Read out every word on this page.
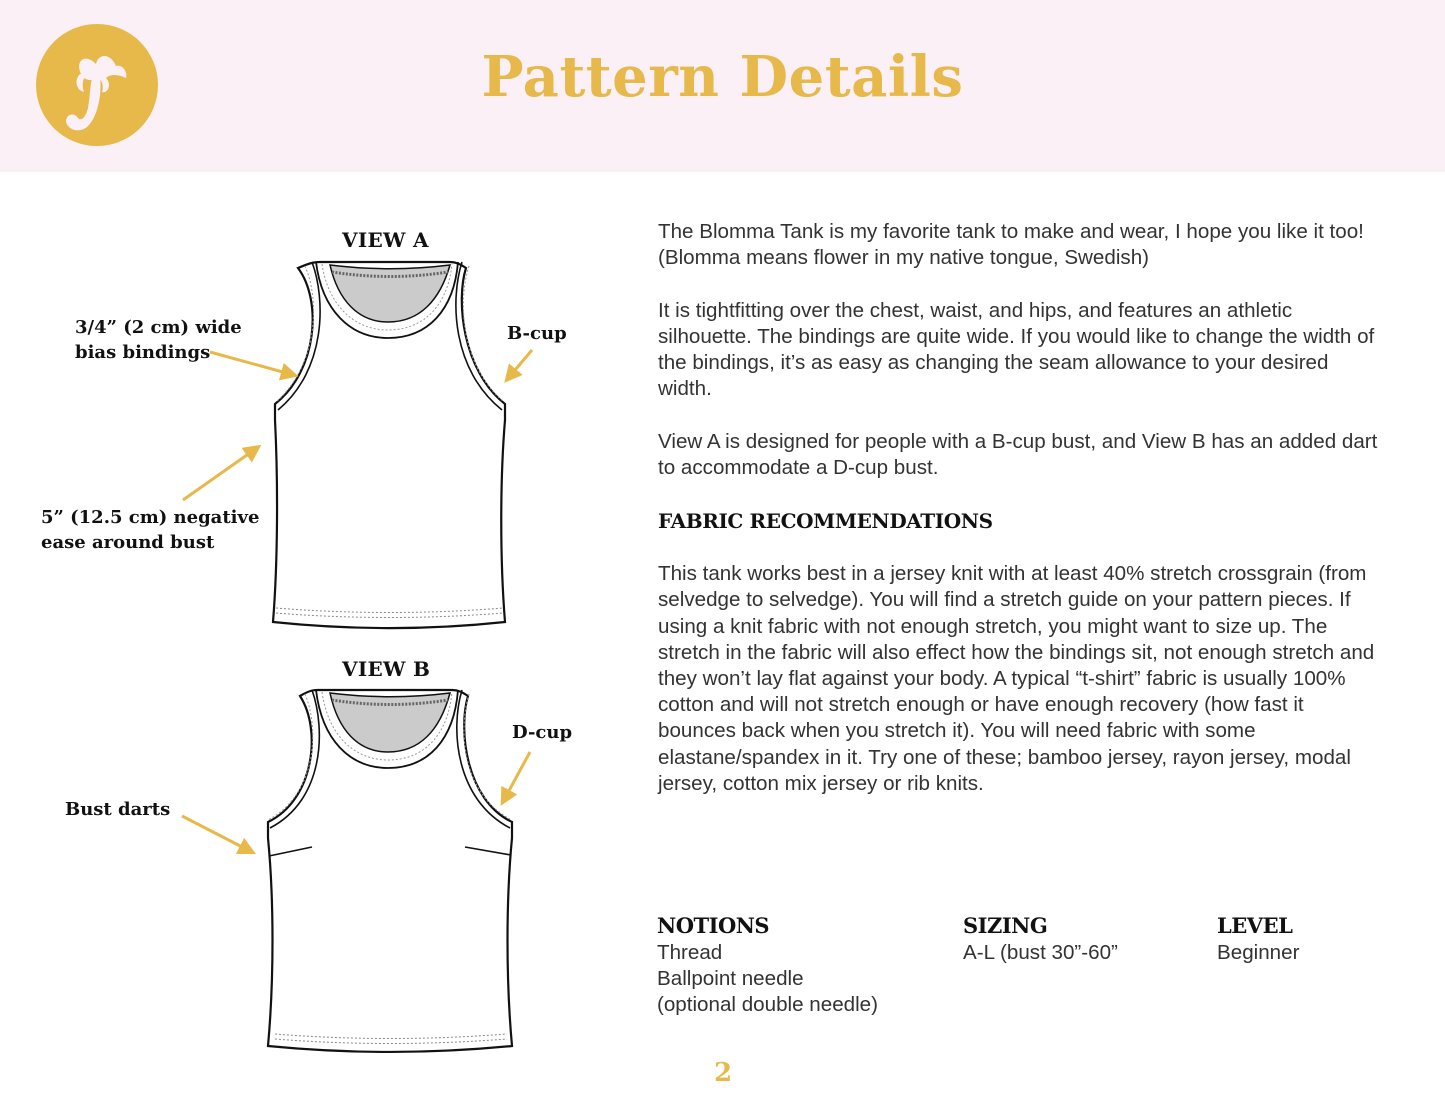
Pattern Details
VIEW A
3/4” (2 cm) wide
bias bindings
B-cup
5” (12.5 cm) negative
ease around bust
VIEW B
D-cup
Bust darts

The Blomma Tank is my favorite tank to make and wear, I hope you like it too! (Blomma means flower in my native tongue, Swedish)

It is tightfitting over the chest, waist, and hips, and features an athletic silhouette. The bindings are quite wide. If you would like to change the width of the bindings, it’s as easy as changing the seam allowance to your desired width.

View A is designed for people with a B-cup bust, and View B has an added dart to accommodate a D-cup bust.

FABRIC RECOMMENDATIONS

This tank works best in a jersey knit with at least 40% stretch crossgrain (from selvedge to selvedge). You will find a stretch guide on your pattern pieces. If using a knit fabric with not enough stretch, you might want to size up. The stretch in the fabric will also effect how the bindings sit, not enough stretch and they won’t lay flat against your body. A typical “t-shirt” fabric is usually 100% cotton and will not stretch enough or have enough recovery (how fast it bounces back when you stretch it). You will need fabric with some elastane/spandex in it. Try one of these; bamboo jersey, rayon jersey, modal jersey, cotton mix jersey or rib knits.

NOTIONS
Thread
Ballpoint needle
(optional double needle)
SIZING
A-L (bust 30”-60”
LEVEL
Beginner
2
